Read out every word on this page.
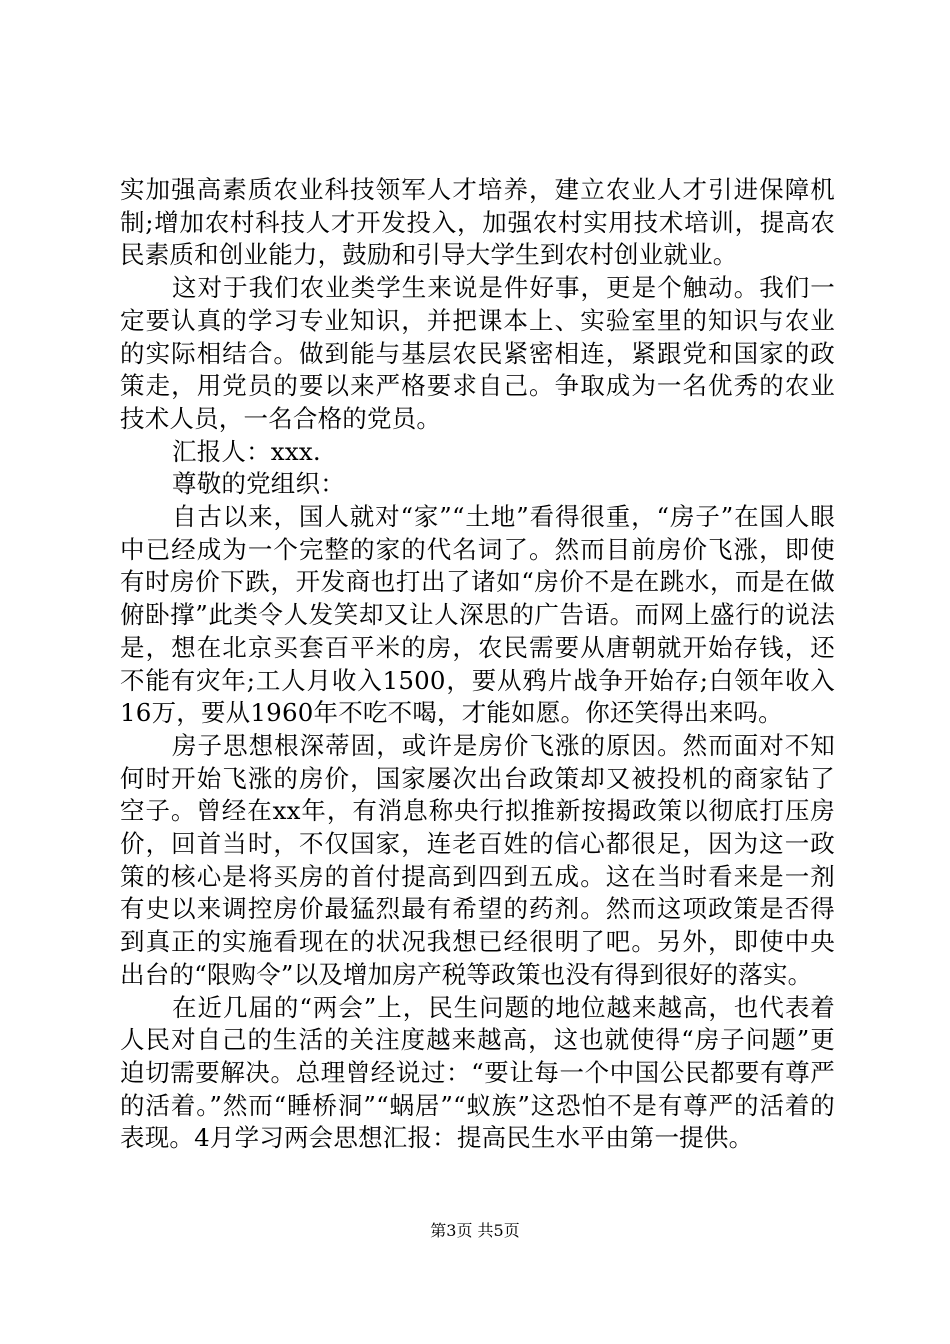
实加强高素质农业科技领军人才培养，建立农业人才引进保障机制;增加农村科技人才开发投入，加强农村实用技术培训，提高农民素质和创业能力，鼓励和引导大学生到农村创业就业。

这对于我们农业类学生来说是件好事，更是个触动。我们一定要认真的学习专业知识，并把课本上、实验室里的知识与农业的实际相结合。做到能与基层农民紧密相连，紧跟党和国家的政策走，用党员的要以来严格要求自己。争取成为一名优秀的农业技术人员，一名合格的党员。

汇报人：xxx.

尊敬的党组织：

自古以来，国人就对“家”“土地”看得很重，“房子”在国人眼中已经成为一个完整的家的代名词了。然而目前房价飞涨，即使有时房价下跌，开发商也打出了诸如“房价不是在跳水，而是在做俯卧撑”此类令人发笑却又让人深思的广告语。而网上盛行的说法是，想在北京买套百平米的房，农民需要从唐朝就开始存钱，还不能有灾年;工人月收入1500，要从鸦片战争开始存;白领年收入16万，要从1960年不吃不喝，才能如愿。你还笑得出来吗。

房子思想根深蒂固，或许是房价飞涨的原因。然而面对不知何时开始飞涨的房价，国家屡次出台政策却又被投机的商家钻了空子。曾经在xx年，有消息称央行拟推新按揭政策以彻底打压房价，回首当时，不仅国家，连老百姓的信心都很足，因为这一政策的核心是将买房的首付提高到四到五成。这在当时看来是一剂有史以来调控房价最猛烈最有希望的药剂。然而这项政策是否得到真正的实施看现在的状况我想已经很明了吧。另外，即使中央出台的“限购令”以及增加房产税等政策也没有得到很好的落实。

在近几届的“两会”上，民生问题的地位越来越高，也代表着人民对自己的生活的关注度越来越高，这也就使得“房子问题”更迫切需要解决。总理曾经说过：“要让每一个中国公民都要有尊严的活着。”然而“睡桥洞”“蜗居”“蚁族”这恐怕不是有尊严的活着的表现。4月学习两会思想汇报：提高民生水平由第一提供。

第3页 共5页
